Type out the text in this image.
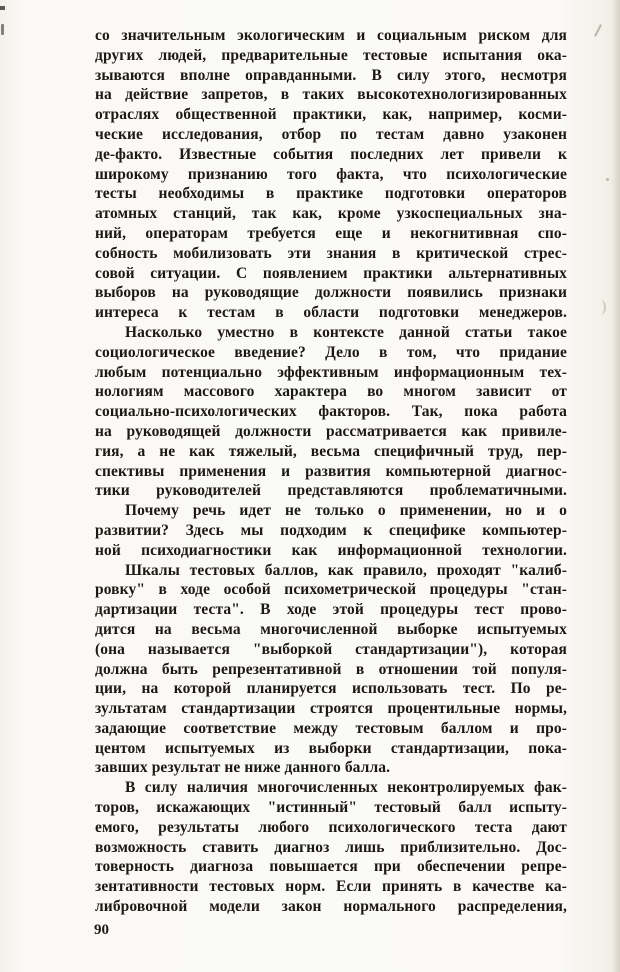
со значительным экологическим и социальным риском для
других людей, предварительные тестовые испытания ока-
зываются вполне оправданными. В силу этого, несмотря
на действие запретов, в таких высокотехнологизированных
отраслях общественной практики, как, например, косми-
ческие исследования, отбор по тестам давно узаконен
де-факто. Известные события последних лет привели к
широкому признанию того факта, что психологические
тесты необходимы в практике подготовки операторов
атомных станций, так как, кроме узкоспециальных зна-
ний, операторам требуется еще и некогнитивная спо-
собность мобилизовать эти знания в критической стрес-
совой ситуации. С появлением практики альтернативных
выборов на руководящие должности появились признаки
интереса к тестам в области подготовки менеджеров.
Насколько уместно в контексте данной статьи такое
социологическое введение? Дело в том, что придание
любым потенциально эффективным информационным тех-
нологиям массового характера во многом зависит от
социально-психологических факторов. Так, пока работа
на руководящей должности рассматривается как привиле-
гия, а не как тяжелый, весьма специфичный труд, пер-
спективы применения и развития компьютерной диагнос-
тики руководителей представляются проблематичными.
Почему речь идет не только о применении, но и о
развитии? Здесь мы подходим к специфике компьютер-
ной психодиагностики как информационной технологии.
Шкалы тестовых баллов, как правило, проходят "калиб-
ровку" в ходе особой психометрической процедуры "стан-
дартизации теста". В ходе этой процедуры тест прово-
дится на весьма многочисленной выборке испытуемых
(она называется "выборкой стандартизации"), которая
должна быть репрезентативной в отношении той популя-
ции, на которой планируется использовать тест. По ре-
зультатам стандартизации строятся процентильные нормы,
задающие соответствие между тестовым баллом и про-
центом испытуемых из выборки стандартизации, пока-
завших результат не ниже данного балла.
В силу наличия многочисленных неконтролируемых фак-
торов, искажающих "истинный" тестовый балл испыту-
емого, результаты любого психологического теста дают
возможность ставить диагноз лишь приблизительно. Дос-
товерность диагноза повышается при обеспечении репре-
зентативности тестовых норм. Если принять в качестве ка-
либровочной модели закон нормального распределения,
90
